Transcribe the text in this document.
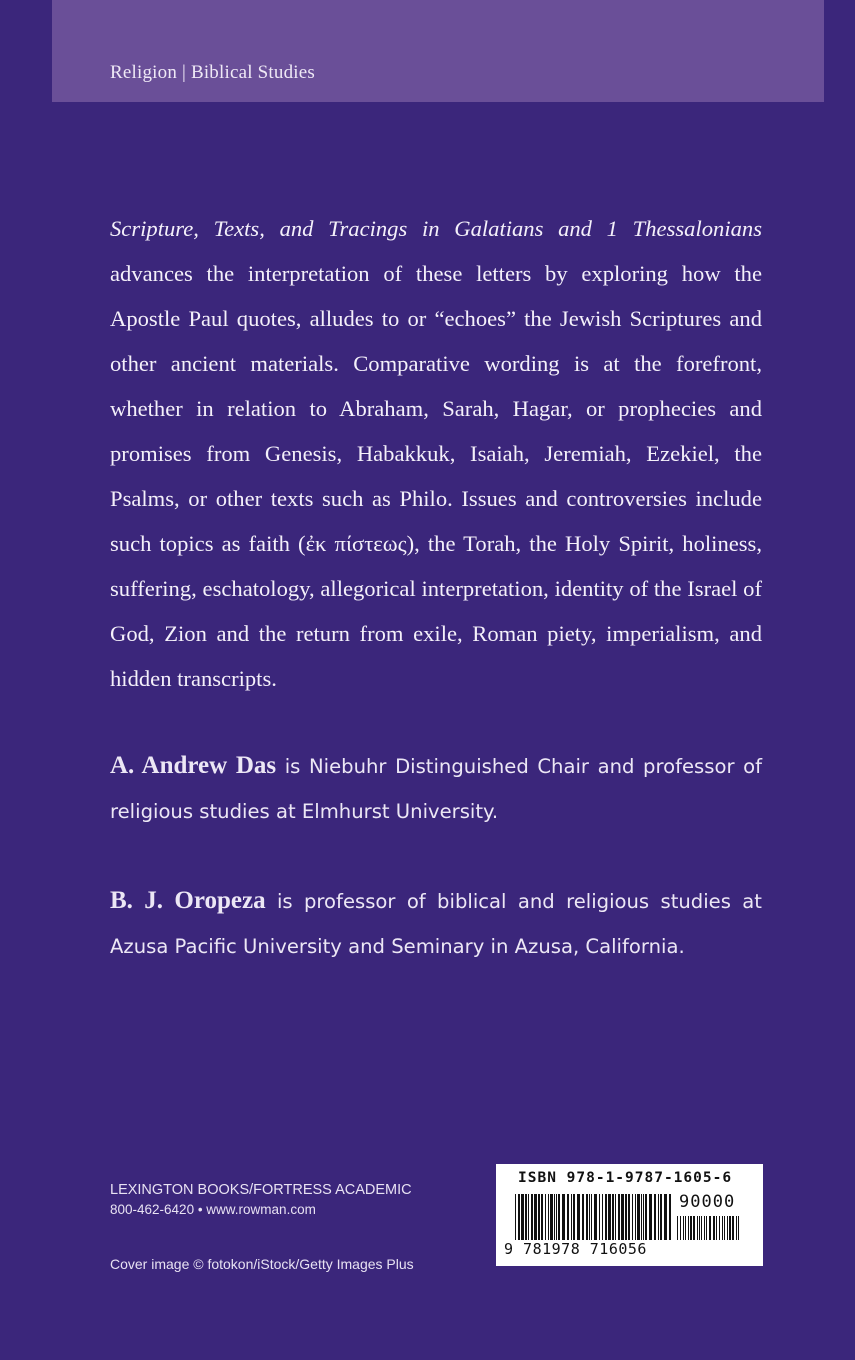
Religion | Biblical Studies
Scripture, Texts, and Tracings in Galatians and 1 Thessalonians advances the interpretation of these letters by exploring how the Apostle Paul quotes, alludes to or “echoes” the Jewish Scriptures and other ancient materials. Comparative wording is at the forefront, whether in relation to Abraham, Sarah, Hagar, or prophecies and promises from Genesis, Habakkuk, Isaiah, Jeremiah, Ezekiel, the Psalms, or other texts such as Philo. Issues and controversies include such topics as faith (ἐκ πίστεως), the Torah, the Holy Spirit, holiness, suffering, eschatology, allegorical interpretation, identity of the Israel of God, Zion and the return from exile, Roman piety, imperialism, and hidden transcripts.
A. Andrew Das is Niebuhr Distinguished Chair and professor of religious studies at Elmhurst University.
B. J. Oropeza is professor of biblical and religious studies at Azusa Pacific University and Seminary in Azusa, California.
LEXINGTON BOOKS/FORTRESS ACADEMIC
800-462-6420 • www.rowman.com
Cover image © fotokon/iStock/Getty Images Plus
ISBN 978-1-9787-1605-6
90000
9 781978 716056
